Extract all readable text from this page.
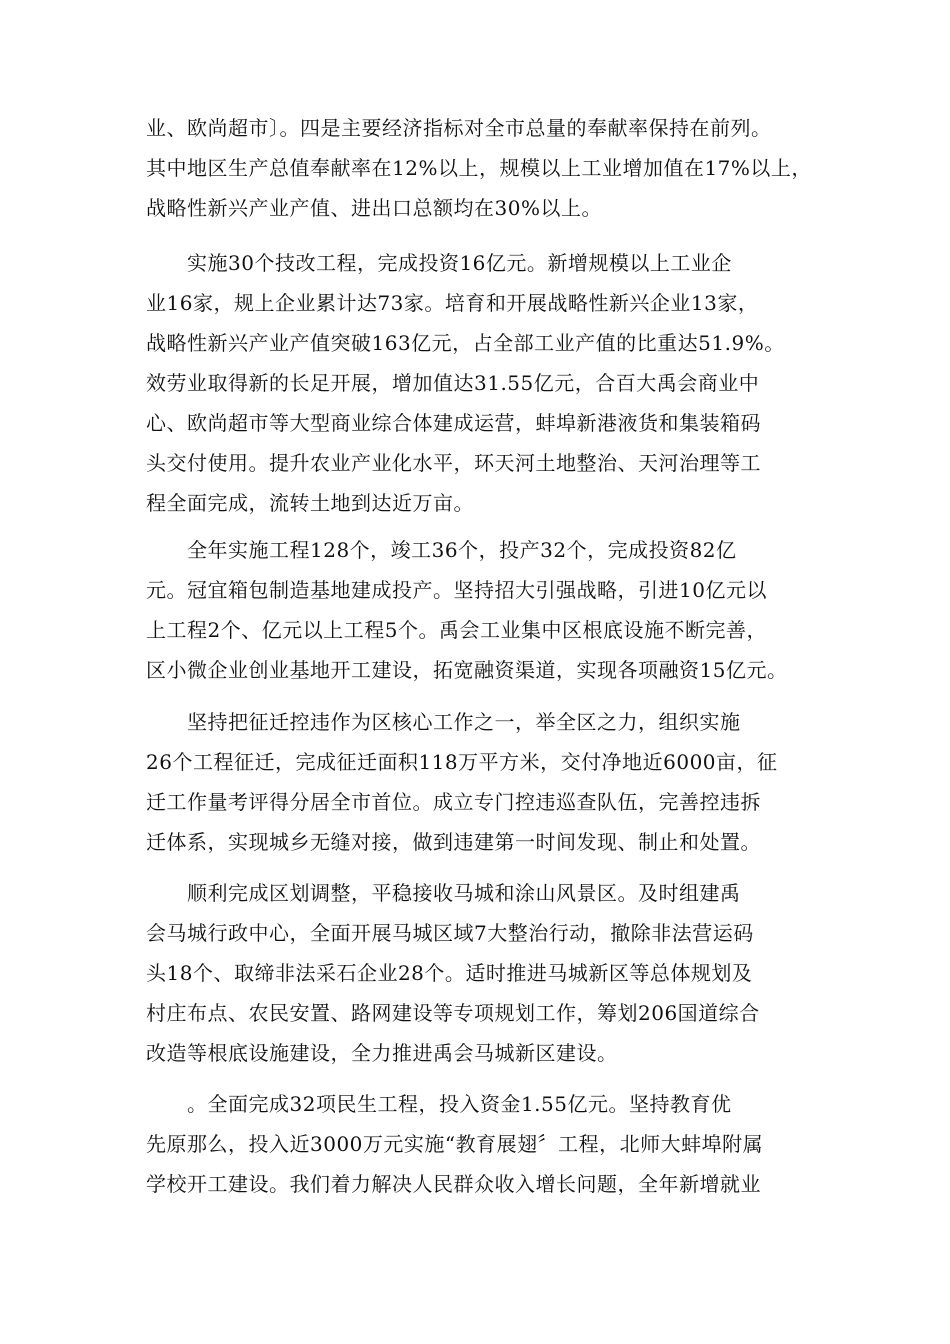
业、欧尚超市〕。四是主要经济指标对全市总量的奉献率保持在前列。
其中地区生产总值奉献率在12%以上，规模以上工业增加值在17%以上，
战略性新兴产业产值、进出口总额均在30%以上。
　　实施30个技改工程，完成投资16亿元。新增规模以上工业企
业16家，规上企业累计达73家。培育和开展战略性新兴企业13家，
战略性新兴产业产值突破163亿元，占全部工业产值的比重达51.9%。
效劳业取得新的长足开展，增加值达31.55亿元，合百大禹会商业中
心、欧尚超市等大型商业综合体建成运营，蚌埠新港液货和集装箱码
头交付使用。提升农业产业化水平，环天河土地整治、天河治理等工
程全面完成，流转土地到达近万亩。
　　全年实施工程128个，竣工36个，投产32个，完成投资82亿
元。冠宜箱包制造基地建成投产。坚持招大引强战略，引进10亿元以
上工程2个、亿元以上工程5个。禹会工业集中区根底设施不断完善，
区小微企业创业基地开工建设，拓宽融资渠道，实现各项融资15亿元。
　　坚持把征迁控违作为区核心工作之一，举全区之力，组织实施
26个工程征迁，完成征迁面积118万平方米，交付净地近6000亩，征
迁工作量考评得分居全市首位。成立专门控违巡查队伍，完善控违拆
迁体系，实现城乡无缝对接，做到违建第一时间发现、制止和处置。
　　顺利完成区划调整，平稳接收马城和涂山风景区。及时组建禹
会马城行政中心，全面开展马城区域7大整治行动，撤除非法营运码
头18个、取缔非法采石企业28个。适时推进马城新区等总体规划及
村庄布点、农民安置、路网建设等专项规划工作，筹划206国道综合
改造等根底设施建设，全力推进禹会马城新区建设。
　　。全面完成32项民生工程，投入资金1.55亿元。坚持教育优
先原那么，投入近3000万元实施“教育展翅〞工程，北师大蚌埠附属
学校开工建设。我们着力解决人民群众收入增长问题，全年新增就业
